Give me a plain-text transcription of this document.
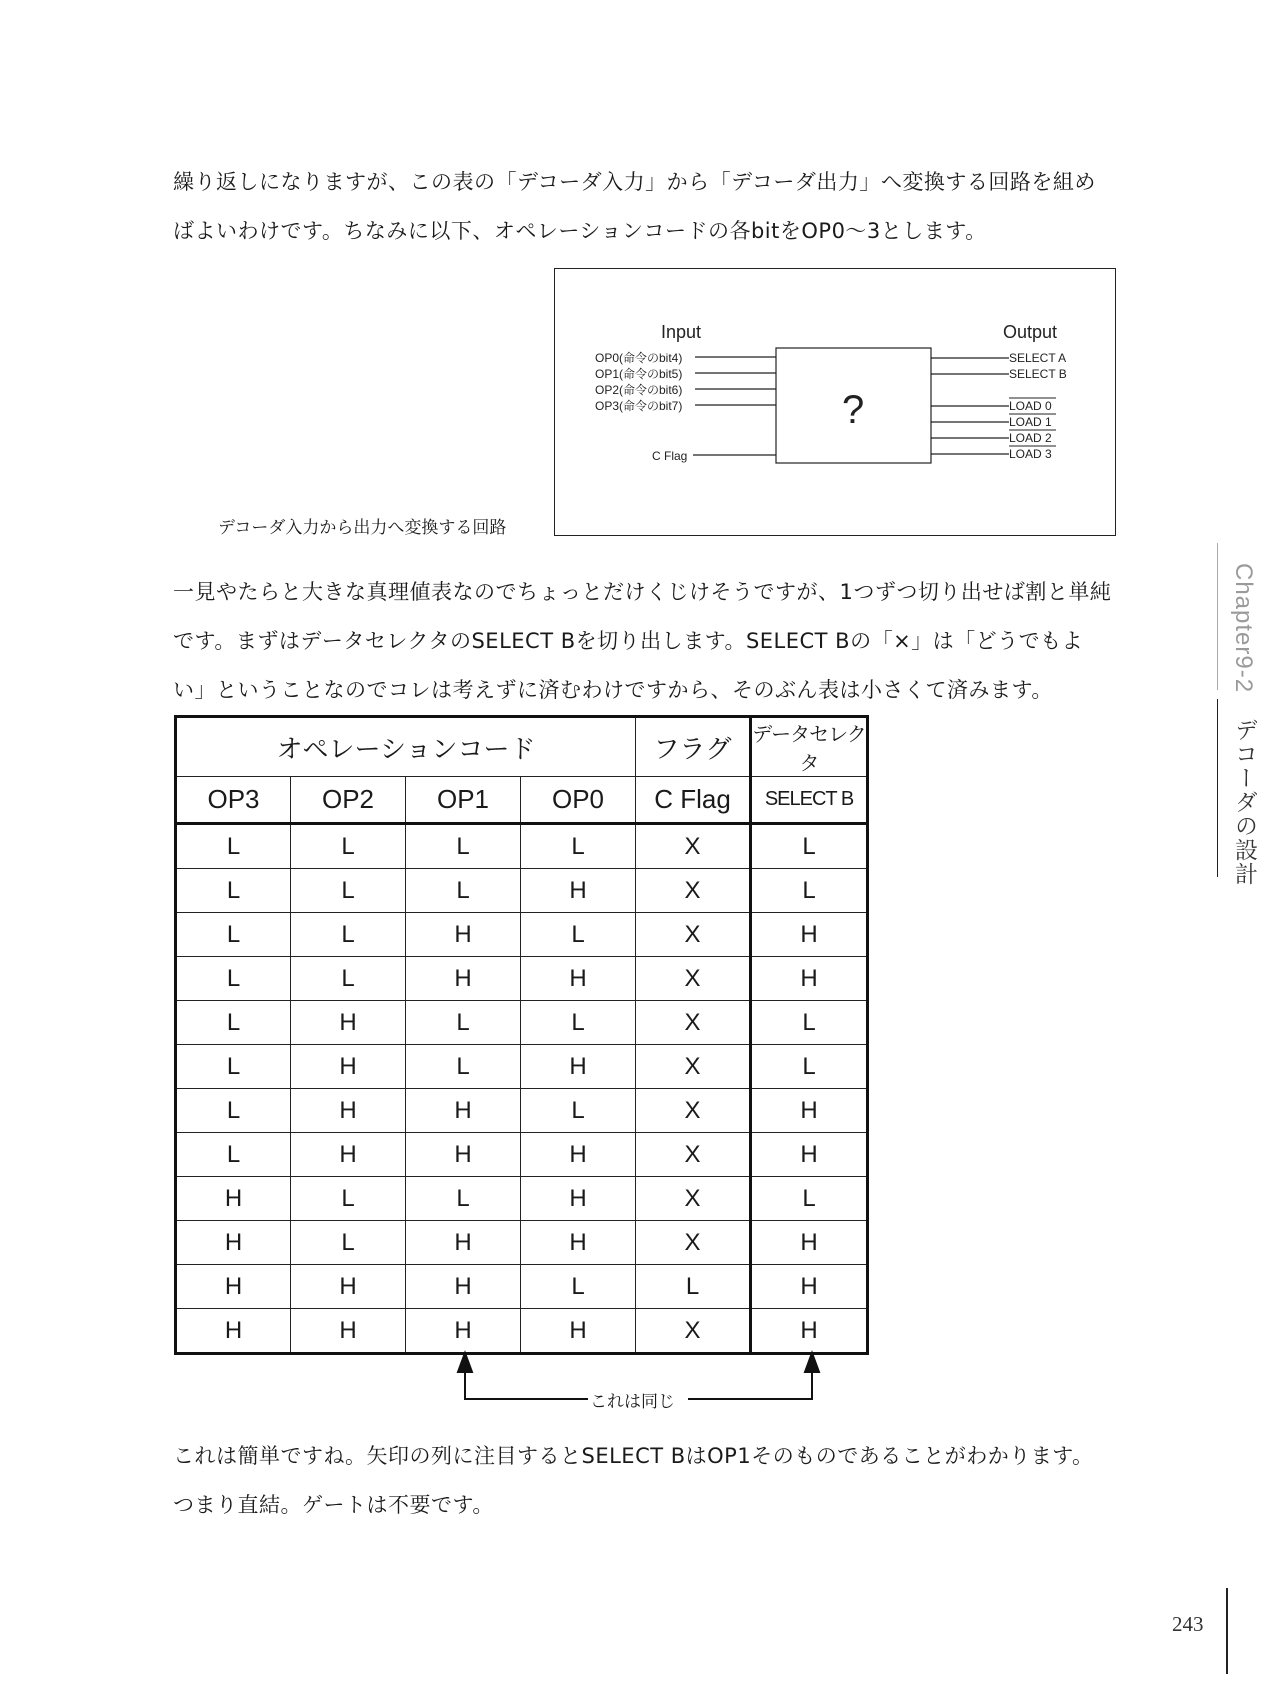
繰り返しになりますが、この表の「デコーダ入力」から「デコーダ出力」へ変換する回路を組め
ばよいわけです。ちなみに以下、オペレーションコードの各bitをOP0～3とします。

Input	Output
OP0(命令のbit4)
OP1(命令のbit5)
OP2(命令のbit6)
OP3(命令のbit7)
C Flag
?
SELECT A
SELECT B
LOAD 0
LOAD 1
LOAD 2
LOAD 3
デコーダ入力から出力へ変換する回路

一見やたらと大きな真理値表なのでちょっとだけくじけそうですが、1つずつ切り出せば割と単純
です。まずはデータセレクタのSELECT Bを切り出します。SELECT Bの「×」は「どうでもよ
い」ということなのでコレは考えずに済むわけですから、そのぶん表は小さくて済みます。

オペレーションコード				フラグ	データセレクタ
OP3	OP2	OP1	OP0	C Flag	SELECT B
L	L	L	L	X	L
L	L	L	H	X	L
L	L	H	L	X	H
L	L	H	H	X	H
L	H	L	L	X	L
L	H	L	H	X	L
L	H	H	L	X	H
L	H	H	H	X	H
H	L	L	H	X	L
H	L	H	H	X	H
H	H	H	L	L	H
H	H	H	H	X	H
これは同じ

これは簡単ですね。矢印の列に注目するとSELECT BはOP1そのものであることがわかります。
つまり直結。ゲートは不要です。

Chapter9-2
デコーダの設計
243
